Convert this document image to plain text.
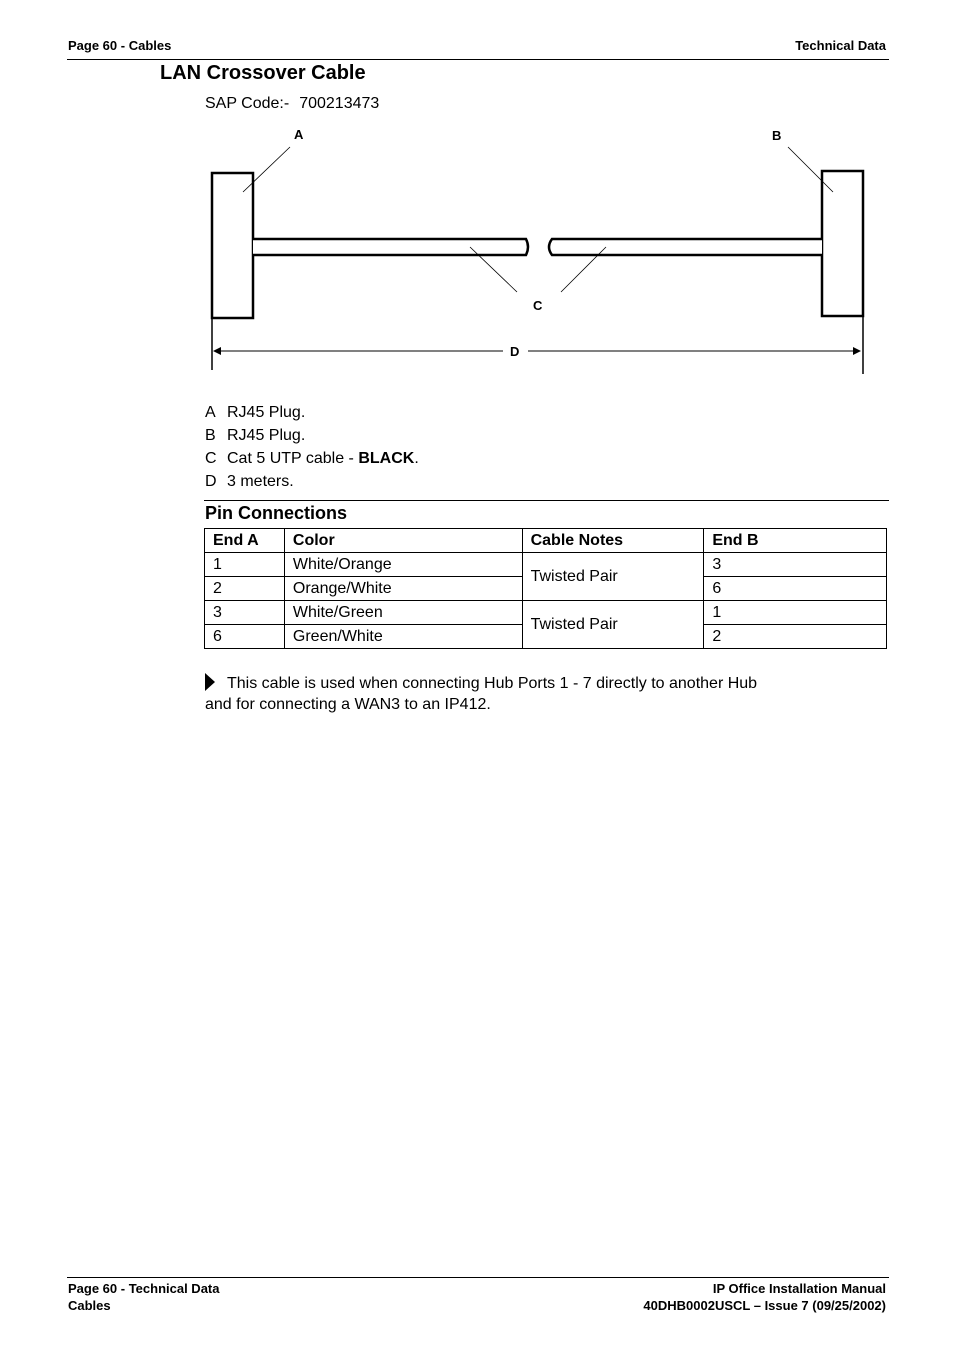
Page 60 - Cables	Technical Data
LAN Crossover Cable
SAP Code:- 700213473
A	B
C
D
A RJ45 Plug.
B RJ45 Plug.
C Cat 5 UTP cable - BLACK.
D 3 meters.
Pin Connections
End A	Color	Cable Notes	End B
1	White/Orange	Twisted Pair	3
2	Orange/White		6
3	White/Green	Twisted Pair	1
6	Green/White		2
This cable is used when connecting Hub Ports 1 - 7 directly to another Hub and for connecting a WAN3 to an IP412.
Page 60 - Technical Data
Cables
IP Office Installation Manual
40DHB0002USCL – Issue 7 (09/25/2002)
